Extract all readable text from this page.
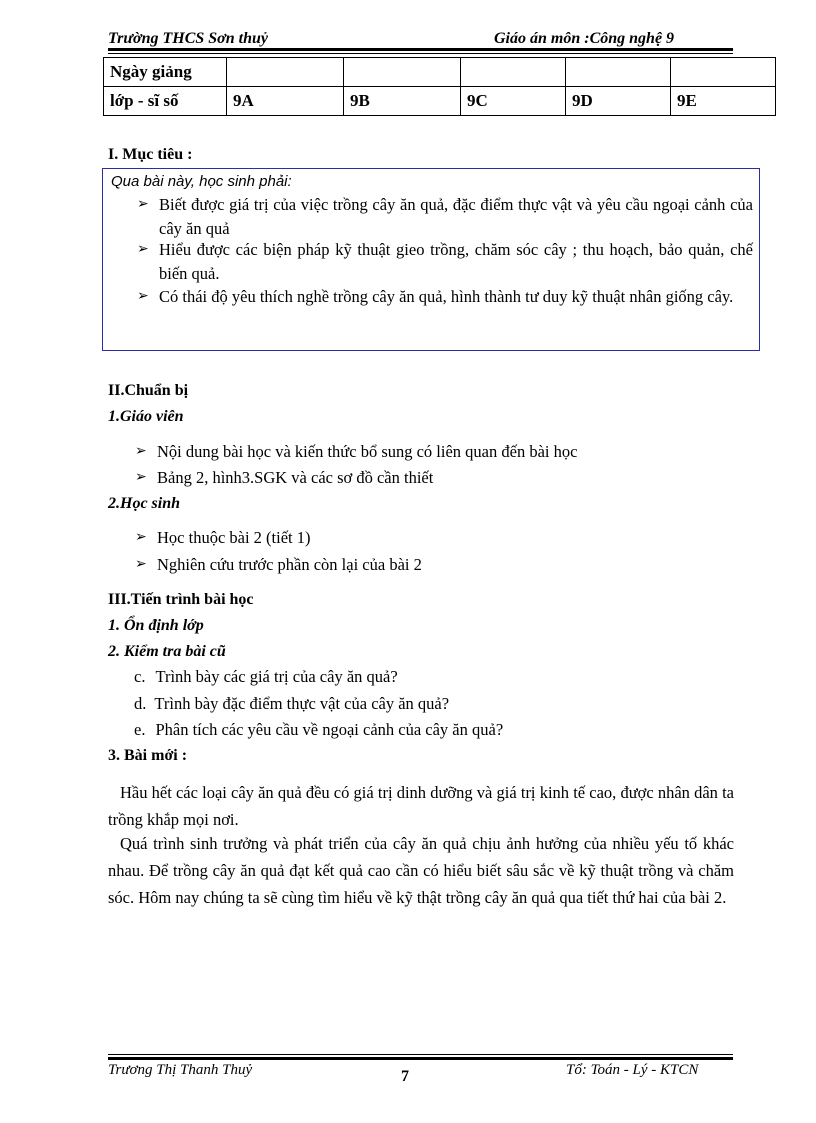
Trường THCS Sơn thuỷ	Giáo án môn :Công nghệ 9
Ngày giảng					
lớp - sĩ số	9A	9B	9C	9D	9E
I. Mục tiêu :
Qua bài này, học sinh phải:
➢ Biết được giá trị của việc trồng cây ăn quả, đặc điểm thực vật và yêu cầu ngoại cảnh của cây ăn quả
➢ Hiểu được các biện pháp kỹ thuật gieo trồng, chăm sóc cây ; thu hoạch, bảo quản, chế biến quả.
➢ Có thái độ yêu thích nghề trồng cây ăn quả, hình thành tư duy kỹ thuật nhân giống cây.
II.Chuẩn bị
1.Giáo viên
➢ Nội dung bài học và kiến thức bổ sung có liên quan đến bài học
➢ Bảng 2, hình3.SGK và các sơ đồ cần thiết
2.Học sinh
➢ Học thuộc bài 2 (tiết 1)
➢ Nghiên cứu trước phần còn lại của bài 2
III.Tiến trình bài học
1. Ổn định lớp
2. Kiểm tra bài cũ
c. Trình bày các giá trị của cây ăn quả?
d. Trình bày đặc điểm thực vật của cây ăn quả?
e. Phân tích các yêu cầu về ngoại cảnh của cây ăn quả?
3. Bài mới :
Hầu hết các loại cây ăn quả đều có giá trị dinh dưỡng và giá trị kinh tế cao, được nhân dân ta trồng khắp mọi nơi.
Quá trình sinh trưởng và phát triển của cây ăn quả chịu ảnh hưởng của nhiều yếu tố khác nhau. Để trồng cây ăn quả đạt kết quả cao cần có hiểu biết sâu sắc về kỹ thuật trồng và chăm sóc. Hôm nay chúng ta sẽ cùng tìm hiểu về kỹ thật trồng cây ăn quả qua tiết thứ hai của bài 2.
Trương Thị Thanh Thuỷ	7	Tổ: Toán - Lý - KTCN
